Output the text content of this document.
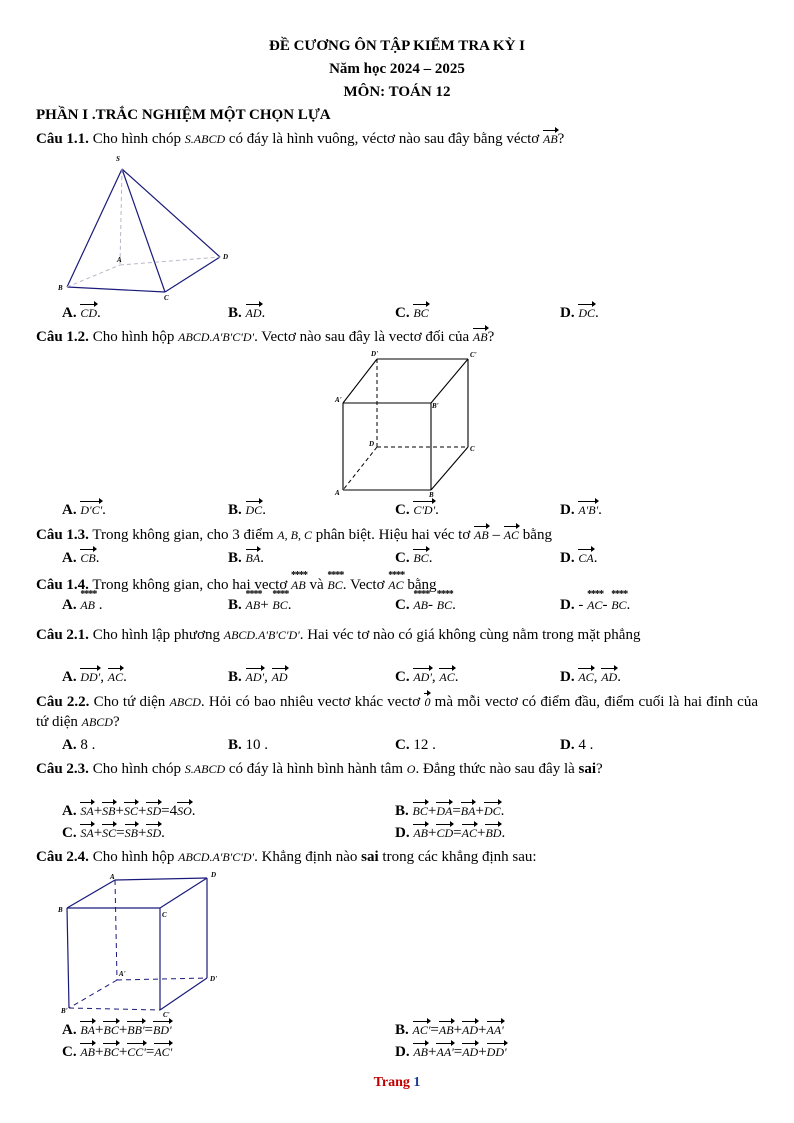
ĐỀ CƯƠNG ÔN TẬP KIỂM TRA KỲ I
Năm học 2024 – 2025
MÔN: TOÁN 12
PHẦN I .TRẮC NGHIỆM MỘT CHỌN LỰA
Câu 1.1. Cho hình chóp S.ABCD có đáy là hình vuông, véctơ nào sau đây bằng véctơ AB?
S
A	D
B
C
A. CD.	B. AD.	C. BC	D. DC.
Câu 1.2. Cho hình hộp ABCD.A'B'C'D'. Vectơ nào sau đây là vectơ đối của AB?
D'	C'
A'
B'
D
C
A	B
A. D'C'.	B. DC.	C. C'D'.	D. A'B'.
Câu 1.3. Trong không gian, cho 3 điểm A, B, C phân biệt. Hiệu hai véc tơ AB – AC bằng
A. CB.	B. BA.	C. BC.	D. CA.
Câu 1.4. Trong không gian, cho hai vectơ **** AB và **** BC. Vectơ **** AC bằng
A. **** AB .	B. **** AB+ **** BC.	C. **** AB- **** BC.	D. - **** AC- **** BC.
Câu 2.1. Cho hình lập phương ABCD.A'B'C'D'. Hai véc tơ nào có giá không cùng nằm trong mặt phẳng
A. DD', AC.	B. AD', AD	C. AD', AC.	D. AC, AD.
Câu 2.2. Cho tứ diện ABCD. Hỏi có bao nhiêu vectơ khác vectơ 0 mà mỗi vectơ có điểm đầu, điểm cuối là hai đỉnh của tứ diện ABCD?
A. 8 .	B. 10 .	C. 12 .	D. 4 .
Câu 2.3. Cho hình chóp S.ABCD có đáy là hình bình hành tâm O. Đẳng thức nào sau đây là sai?
A. SA+SB+SC+SD=4SO.	B. BC+DA=BA+DC.
C. SA+SC=SB+SD.	D. AB+CD=AC+BD.
Câu 2.4. Cho hình hộp ABCD.A'B'C'D'. Khẳng định nào sai trong các khẳng định sau:
A	D
B
C
A'
D'
B'	C'
A. BA+BC+BB'=BD'	B. AC'=AB+AD+AA'
C. AB+BC+CC'=AC'	D. AB+AA'=AD+DD'
Trang 1
